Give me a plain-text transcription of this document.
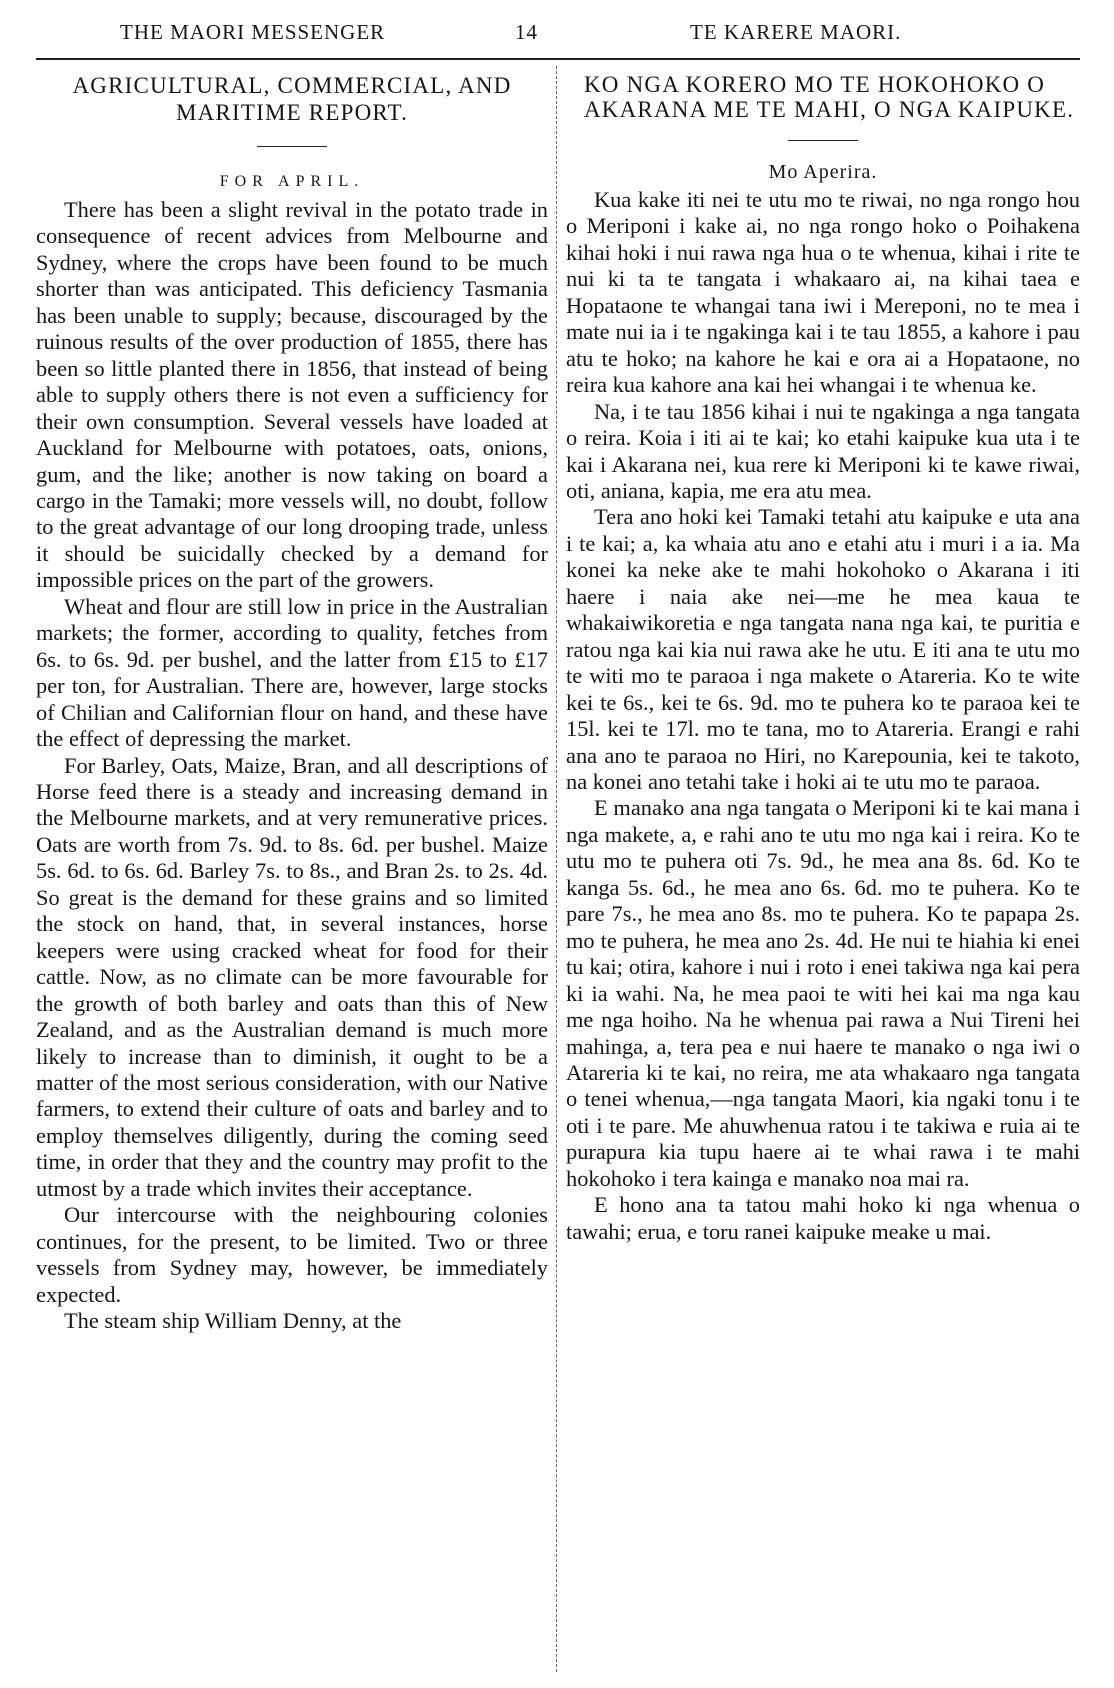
THE MAORI MESSENGER	14	TE KARERE MAORI.
AGRICULTURAL, COMMERCIAL, AND MARITIME REPORT.
FOR APRIL.

There has been a slight revival in the potato trade in consequence of recent advices from Melbourne and Sydney, where the crops have been found to be much shorter than was anticipated. This deficiency Tasmania has been unable to supply; because, discouraged by the ruinous results of the over production of 1855, there has been so little planted there in 1856, that instead of being able to supply others there is not even a sufficiency for their own consumption. Several vessels have loaded at Auckland for Melbourne with potatoes, oats, onions, gum, and the like; another is now taking on board a cargo in the Tamaki; more vessels will, no doubt, follow to the great advantage of our long drooping trade, unless it should be suicidally checked by a demand for impossible prices on the part of the growers.

Wheat and flour are still low in price in the Australian markets; the former, according to quality, fetches from 6s. to 6s. 9d. per bushel, and the latter from £15 to £17 per ton, for Australian. There are, however, large stocks of Chilian and Californian flour on hand, and these have the effect of depressing the market.

For Barley, Oats, Maize, Bran, and all descriptions of Horse feed there is a steady and increasing demand in the Melbourne markets, and at very remunerative prices. Oats are worth from 7s. 9d. to 8s. 6d. per bushel. Maize 5s. 6d. to 6s. 6d. Barley 7s. to 8s., and Bran 2s. to 2s. 4d. So great is the demand for these grains and so limited the stock on hand, that, in several instances, horse keepers were using cracked wheat for food for their cattle. Now, as no climate can be more favourable for the growth of both barley and oats than this of New Zealand, and as the Australian demand is much more likely to increase than to diminish, it ought to be a matter of the most serious consideration, with our Native farmers, to extend their culture of oats and barley and to employ themselves diligently, during the coming seed time, in order that they and the country may profit to the utmost by a trade which invites their acceptance.

Our intercourse with the neighbouring colonies continues, for the present, to be limited. Two or three vessels from Sydney may, however, be immediately expected.

The steam ship William Denny, at the

KO NGA KORERO MO TE HOKOHOKO O AKARANA ME TE MAHI, O NGA KAIPUKE.
Mo Aperira.

Kua kake iti nei te utu mo te riwai, no nga rongo hou o Meriponi i kake ai, no nga rongo hoko o Poihakena kihai hoki i nui rawa nga hua o te whenua, kihai i rite te nui ki ta te tangata i whakaaro ai, na kihai taea e Hopataone te whangai tana iwi i Mereponi, no te mea i mate nui ia i te ngakinga kai i te tau 1855, a kahore i pau atu te hoko; na kahore he kai e ora ai a Hopataone, no reira kua kahore ana kai hei whangai i te whenua ke.

Na, i te tau 1856 kihai i nui te ngakinga a nga tangata o reira. Koia i iti ai te kai; ko etahi kaipuke kua uta i te kai i Akarana nei, kua rere ki Meriponi ki te kawe riwai, oti, aniana, kapia, me era atu mea.

Tera ano hoki kei Tamaki tetahi atu kaipuke e uta ana i te kai; a, ka whaia atu ano e etahi atu i muri i a ia. Ma konei ka neke ake te mahi hokohoko o Akarana i iti haere i naia ake nei—me he mea kaua te whakaiwikoretia e nga tangata nana nga kai, te puritia e ratou nga kai kia nui rawa ake he utu. E iti ana te utu mo te witi mo te paraoa i nga makete o Atareria. Ko te wite kei te 6s., kei te 6s. 9d. mo te puhera ko te paraoa kei te 15l. kei te 17l. mo te tana, mo to Atareria. Erangi e rahi ana ano te paraoa no Hiri, no Karepounia, kei te takoto, na konei ano tetahi take i hoki ai te utu mo te paraoa.

E manako ana nga tangata o Meriponi ki te kai mana i nga makete, a, e rahi ano te utu mo nga kai i reira. Ko te utu mo te puhera oti 7s. 9d., he mea ana 8s. 6d. Ko te kanga 5s. 6d., he mea ano 6s. 6d. mo te puhera. Ko te pare 7s., he mea ano 8s. mo te puhera. Ko te papapa 2s. mo te puhera, he mea ano 2s. 4d. He nui te hiahia ki enei tu kai; otira, kahore i nui i roto i enei takiwa nga kai pera ki ia wahi. Na, he mea paoi te witi hei kai ma nga kau me nga hoiho. Na he whenua pai rawa a Nui Tireni hei mahinga, a, tera pea e nui haere te manako o nga iwi o Atareria ki te kai, no reira, me ata whakaaro nga tangata o tenei whenua,—nga tangata Maori, kia ngaki tonu i te oti i te pare. Me ahuwhenua ratou i te takiwa e ruia ai te purapura kia tupu haere ai te whai rawa i te mahi hokohoko i tera kainga e manako noa mai ra.

E hono ana ta tatou mahi hoko ki nga whenua o tawahi; erua, e toru ranei kaipuke meake u mai.
